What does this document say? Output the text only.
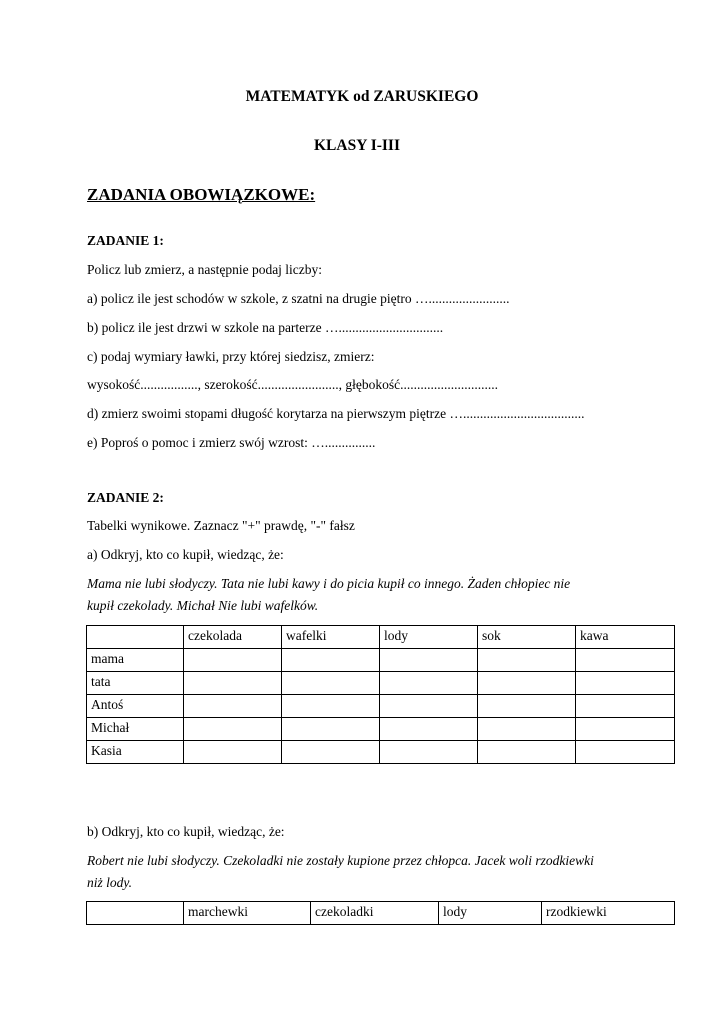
MATEMATYK od ZARUSKIEGO
KLASY I-III
ZADANIA OBOWIĄZKOWE:
ZADANIE 1:
Policz lub zmierz, a następnie podaj liczby:
a) policz ile jest schodów w szkole, z szatni na drugie piętro …........................
b) policz ile jest drzwi w szkole na parterze …...............................
c) podaj wymiary ławki, przy której siedzisz, zmierz:
wysokość................., szerokość........................, głębokość.............................
d) zmierz swoimi stopami długość korytarza na pierwszym piętrze …....................................
e) Poproś o pomoc i zmierz swój wzrost: …...............
ZADANIE 2:
Tabelki wynikowe. Zaznacz "+" prawdę, "-" fałsz
a) Odkryj, kto co kupił, wiedząc, że:
Mama nie lubi słodyczy. Tata nie lubi kawy i do picia kupił co innego. Żaden chłopiec nie
kupił czekolady. Michał Nie lubi wafelków.
	czekolada	wafelki	lody	sok	kawa
mama					
tata					
Antoś					
Michał					
Kasia					
b) Odkryj, kto co kupił, wiedząc, że:
Robert nie lubi słodyczy. Czekoladki nie zostały kupione przez chłopca. Jacek woli rzodkiewki
niż lody.
	marchewki	czekoladki	lody	rzodkiewki
